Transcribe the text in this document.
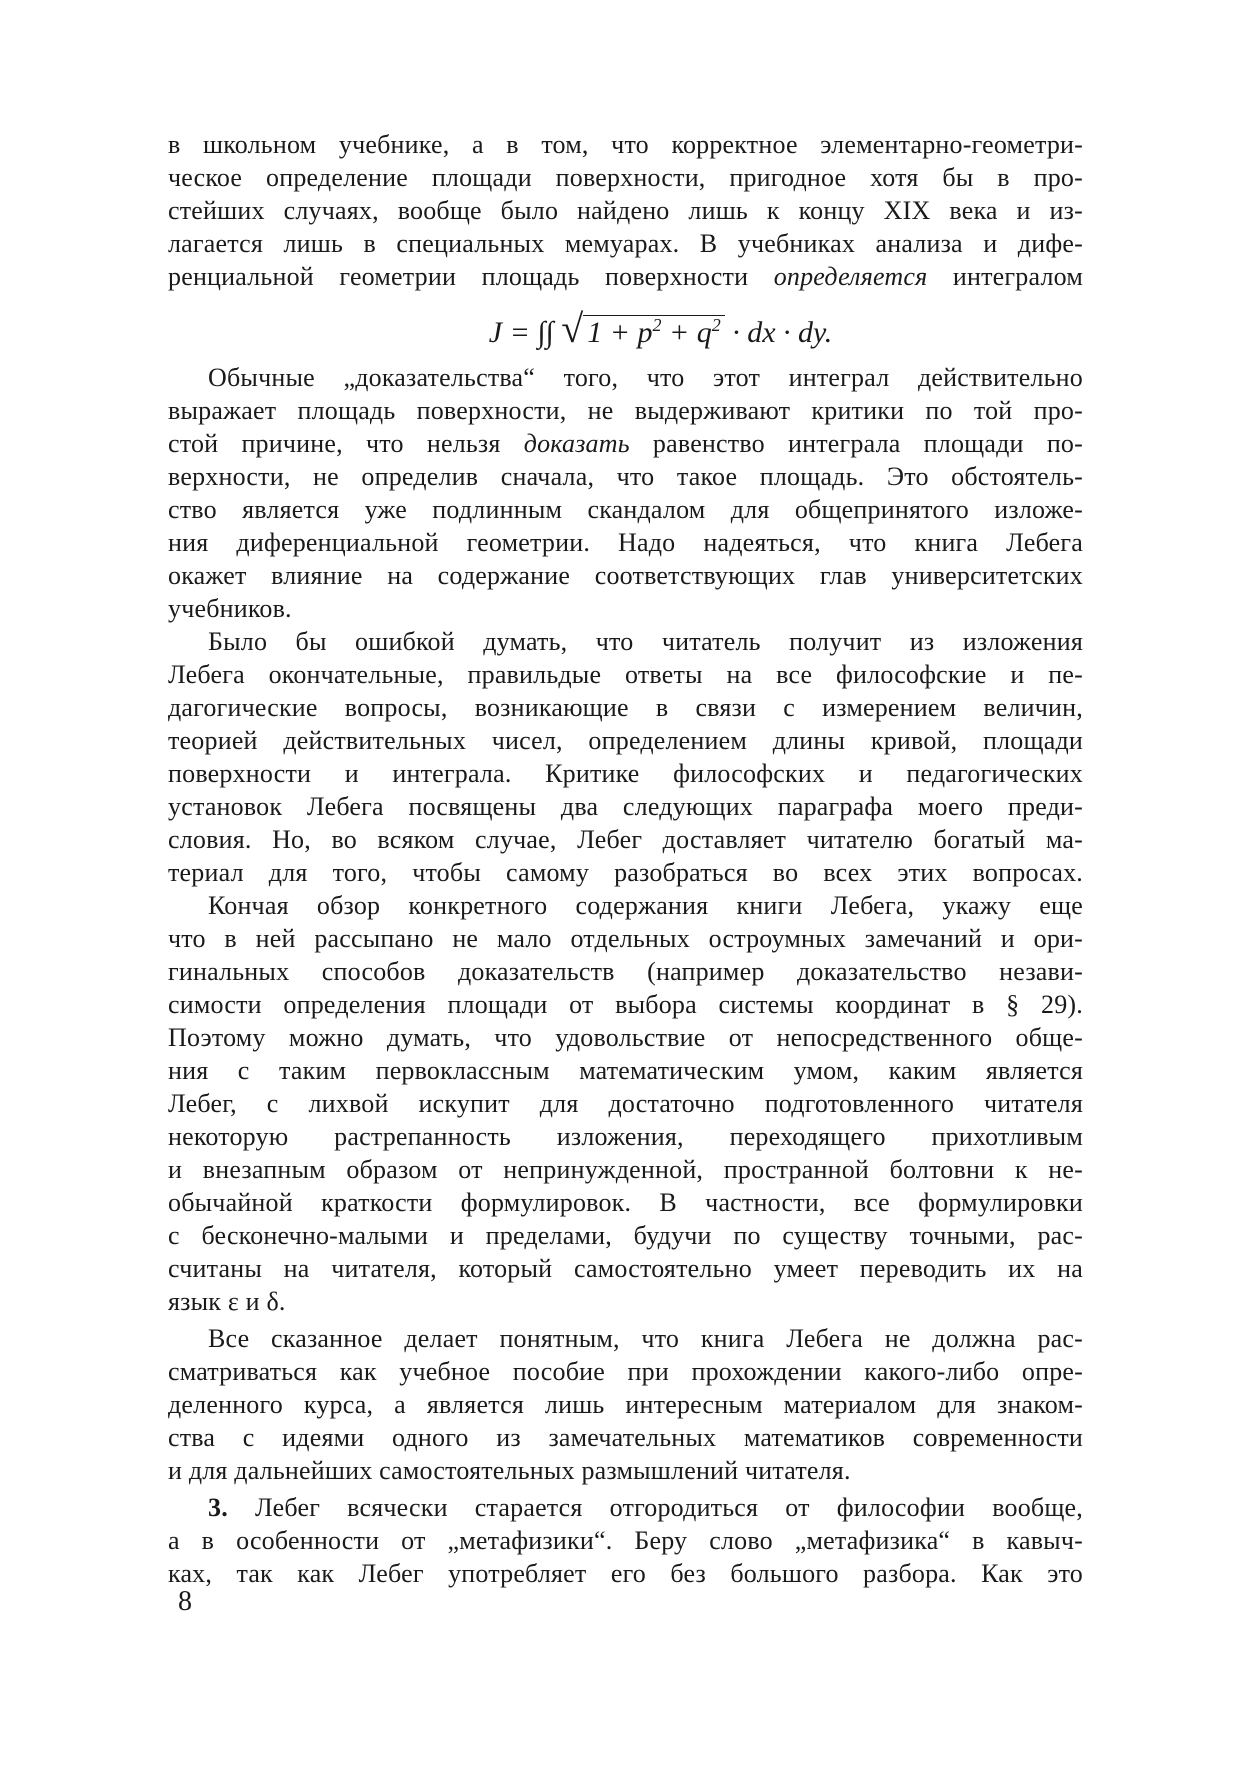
в школьном учебнике, а в том, что корректное элементарно-геометри-
ческое определение площади поверхности, пригодное хотя бы в про-
стейших случаях, вообще было найдено лишь к концу XIX века и из-
лагается лишь в специальных мемуарах. В учебниках анализа и дифе-
ренциальной геометрии площадь поверхности определяется интегралом
J = ∫∫ √ $1 + p^2 + q^2$ · dx · dy.
Обычные „доказательства“ того, что этот интеграл действительно
выражает площадь поверхности, не выдерживают критики по той про-
стой причине, что нельзя доказать равенство интеграла площади по-
верхности, не определив сначала, что такое площадь. Это обстоятель-
ство является уже подлинным скандалом для общепринятого изложе-
ния диференциальной геометрии. Надо надеяться, что книга Лебега
окажет влияние на содержание соответствующих глав университетских
учебников.
Было бы ошибкой думать, что читатель получит из изложения
Лебега окончательные, правильдые ответы на все философские и пе-
дагогические вопросы, возникающие в связи с измерением величин,
теорией действительных чисел, определением длины кривой, площади
поверхности и интеграла. Критике философских и педагогических
установок Лебега посвящены два следующих параграфа моего преди-
словия. Но, во всяком случае, Лебег доставляет читателю богатый ма-
териал для того, чтобы самому разобраться во всех этих вопросах.
Кончая обзор конкретного содержания книги Лебега, укажу еще
что в ней рассыпано не мало отдельных остроумных замечаний и ори-
гинальных способов доказательств (например доказательство незави-
симости определения площади от выбора системы координат в § 29).
Поэтому можно думать, что удовольствие от непосредственного обще-
ния с таким первоклассным математическим умом, каким является
Лебег, с лихвой искупит для достаточно подготовленного читателя
некоторую растрепанность изложения, переходящего прихотливым
и внезапным образом от непринужденной, пространной болтовни к не-
обычайной краткости формулировок. В частности, все формулировки
с бесконечно-малыми и пределами, будучи по существу точными, рас-
считаны на читателя, который самостоятельно умеет переводить их на
язык ε и δ.
Все сказанное делает понятным, что книга Лебега не должна рас-
сматриваться как учебное пособие при прохождении какого-либо опре-
деленного курса, а является лишь интересным материалом для знаком-
ства с идеями одного из замечательных математиков современности
и для дальнейших самостоятельных размышлений читателя.
3. Лебег всячески старается отгородиться от философии вообще,
а в особенности от „метафизики“. Беру слово „метафизика“ в кавыч-
ках, так как Лебег употребляет его без большого разбора. Как это
8
